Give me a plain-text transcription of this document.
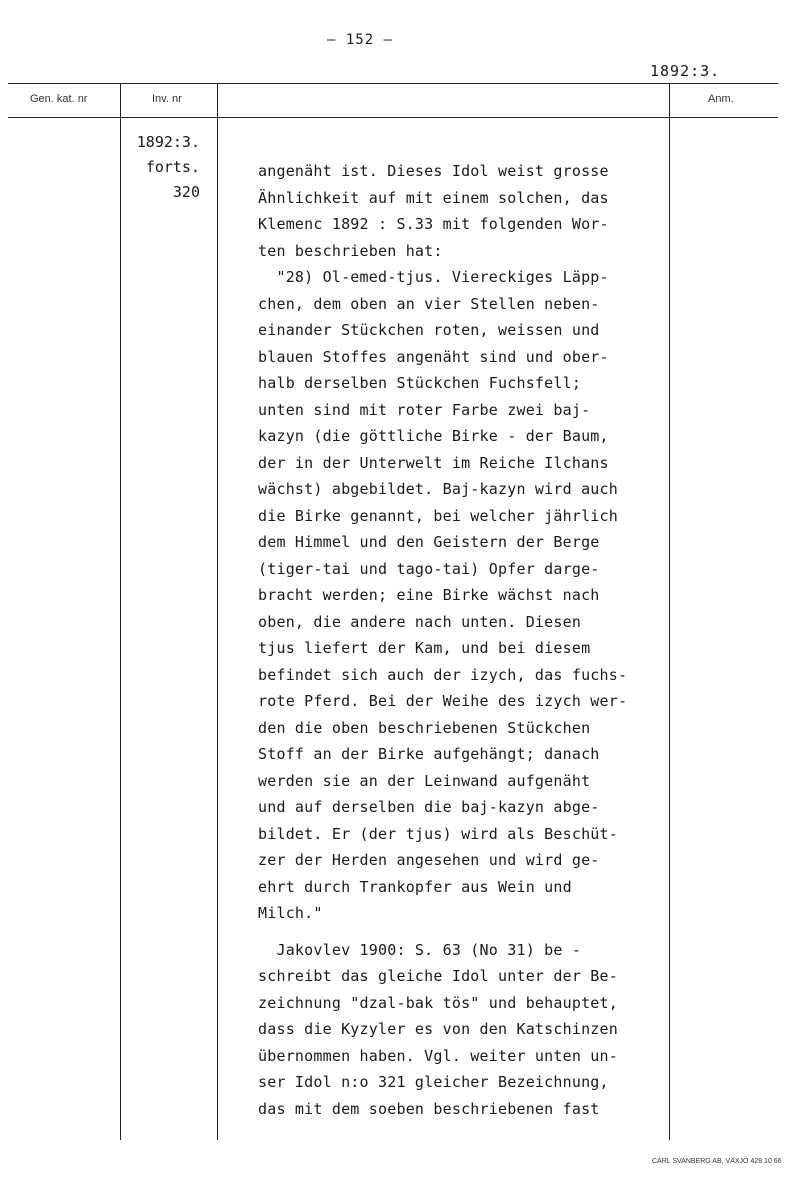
— 152 —
1892:3.
Gen. kat. nr	Inv. nr	Anm.
1892:3.
forts.
320
angenäht ist. Dieses Idol weist grosse
Ähnlichkeit auf mit einem solchen, das
Klemenc 1892 : S.33 mit folgenden Wor-
ten beschrieben hat:
"28) Ol-emed-tjus. Viereckiges Läpp-
chen, dem oben an vier Stellen neben-
einander Stückchen roten, weissen und
blauen Stoffes angenäht sind und ober-
halb derselben Stückchen Fuchsfell;
unten sind mit roter Farbe zwei baj-
kazyn (die göttliche Birke - der Baum,
der in der Unterwelt im Reiche Ilchans
wächst) abgebildet. Baj-kazyn wird auch
die Birke genannt, bei welcher jährlich
dem Himmel und den Geistern der Berge
(tiger-tai und tago-tai) Opfer darge-
bracht werden; eine Birke wächst nach
oben, die andere nach unten. Diesen
tjus liefert der Kam, und bei diesem
befindet sich auch der izych, das fuchs-
rote Pferd. Bei der Weihe des izych wer-
den die oben beschriebenen Stückchen
Stoff an der Birke aufgehängt; danach
werden sie an der Leinwand aufgenäht
und auf derselben die baj-kazyn abge-
bildet. Er (der tjus) wird als Beschüt-
zer der Herden angesehen und wird ge-
ehrt durch Trankopfer aus Wein und
Milch."
Jakovlev 1900: S. 63 (No 31) be -
schreibt das gleiche Idol unter der Be-
zeichnung "dzal-bak tös" und behauptet,
dass die Kyzyler es von den Katschinzen
übernommen haben. Vgl. weiter unten un-
ser Idol n:o 321 gleicher Bezeichnung,
das mit dem soeben beschriebenen fast
CARL SVANBERG AB, VÄXJÖ 428 10 66
